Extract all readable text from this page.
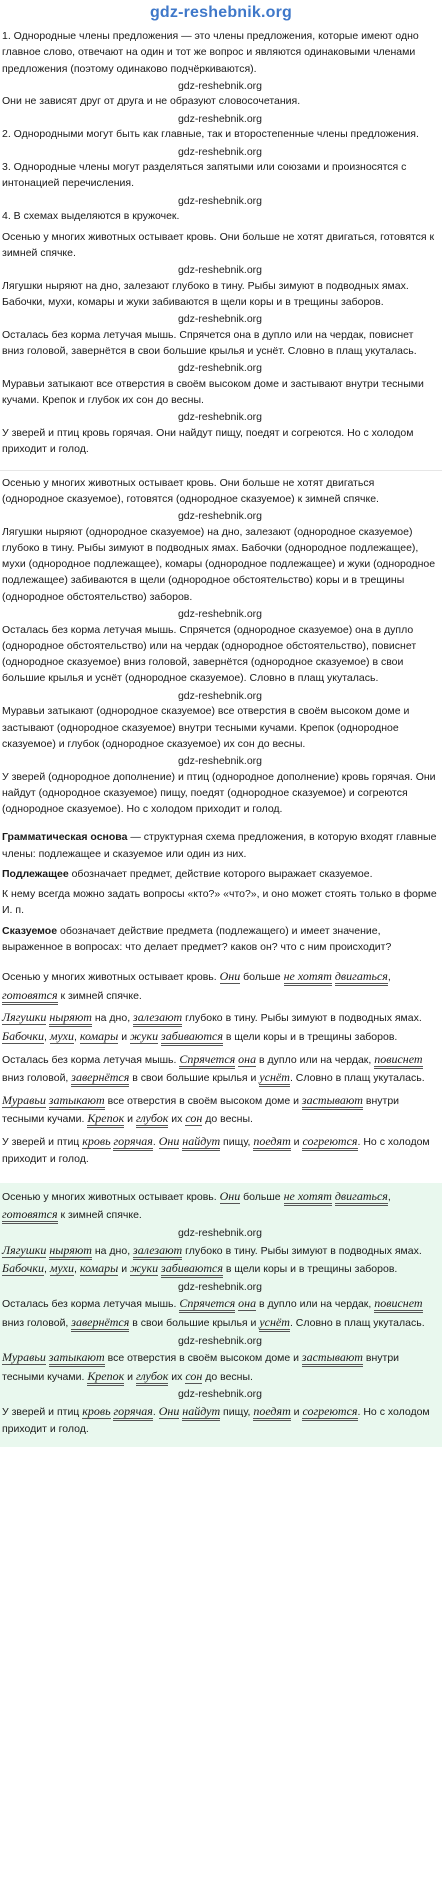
gdz-reshebnik.org

1. Однородные члены предложения — это члены предложения, которые имеют одно главное слово, отвечают на один и тот же вопрос и являются одинаковыми членами предложения (поэтому одинаково подчёркиваются).

gdz-reshebnik.org

Они не зависят друг от друга и не образуют словосочетания.

gdz-reshebnik.org

2. Однородными могут быть как главные, так и второстепенные члены предложения.

gdz-reshebnik.org

3. Однородные члены могут разделяться запятыми или союзами и произносятся с интонацией перечисления.

gdz-reshebnik.org

4. В схемах выделяются в кружочек.

Осенью у многих животных остывает кровь. Они больше не хотят двигаться, готовятся к зимней спячке.

gdz-reshebnik.org

Лягушки ныряют на дно, залезают глубоко в тину. Рыбы зимуют в подводных ямах. Бабочки, мухи, комары и жуки забиваются в щели коры и в трещины заборов.

gdz-reshebnik.org

Осталась без корма летучая мышь. Спрячется она в дупло или на чердак, повиснет вниз головой, завернётся в свои большие крылья и уснёт. Словно в плащ укуталась.

gdz-reshebnik.org

Муравьи затыкают все отверстия в своём высоком доме и застывают внутри тесными кучами. Крепок и глубок их сон до весны.

gdz-reshebnik.org

У зверей и птиц кровь горячая. Они найдут пищу, поедят и согреются. Но с холодом приходит и голод.

Осенью у многих животных остывает кровь. Они больше не хотят двигаться (однородное сказуемое), готовятся (однородное сказуемое) к зимней спячке.

gdz-reshebnik.org

Лягушки ныряют (однородное сказуемое) на дно, залезают (однородное сказуемое) глубоко в тину. Рыбы зимуют в подводных ямах. Бабочки (однородное подлежащее), мухи (однородное подлежащее), комары (однородное подлежащее) и жуки (однородное подлежащее) забиваются в щели (однородное обстоятельство) коры и в трещины (однородное обстоятельство) заборов.

gdz-reshebnik.org

Осталась без корма летучая мышь. Спрячется (однородное сказуемое) она в дупло (однородное обстоятельство) или на чердак (однородное обстоятельство), повиснет (однородное сказуемое) вниз головой, завернётся (однородное сказуемое) в свои большие крылья и уснёт (однородное сказуемое). Словно в плащ укуталась.

gdz-reshebnik.org

Муравьи затыкают (однородное сказуемое) все отверстия в своём высоком доме и застывают (однородное сказуемое) внутри тесными кучами. Крепок (однородное сказуемое) и глубок (однородное сказуемое) их сон до весны.

gdz-reshebnik.org

У зверей (однородное дополнение) и птиц (однородное дополнение) кровь горячая. Они найдут (однородное сказуемое) пищу, поедят (однородное сказуемое) и согреются (однородное сказуемое). Но с холодом приходит и голод.

Грамматическая основа — структурная схема предложения, в которую входят главные члены: подлежащее и сказуемое или один из них.

Подлежащее обозначает предмет, действие которого выражает сказуемое.

К нему всегда можно задать вопросы «кто?» «что?», и оно может стоять только в форме И. п.

Сказуемое обозначает действие предмета (подлежащего) и имеет значение, выраженное в вопросах: что делает предмет? каков он? что с ним происходит?

Осенью у многих животных остывает кровь. Они больше не хотят двигаться, готовятся к зимней спячке.

Лягушки ныряют на дно, залезают глубоко в тину. Рыбы зимуют в подводных ямах. Бабочки, мухи, комары и жуки забиваются в щели коры и в трещины заборов.

Осталась без корма летучая мышь. Спрячется она в дупло или на чердак, повиснет вниз головой, завернётся в свои большие крылья и уснёт. Словно в плащ укуталась.

Муравьи затыкают все отверстия в своём высоком доме и застывают внутри тесными кучами. Крепок и глубок их сон до весны.

У зверей и птиц кровь горячая. Они найдут пищу, поедят и согреются. Но с холодом приходит и голод.

Осенью у многих животных остывает кровь. Они больше не хотят двигаться, готовятся к зимней спячке.

gdz-reshebnik.org

Лягушки ныряют на дно, залезают глубоко в тину. Рыбы зимуют в подводных ямах. Бабочки, мухи, комары и жуки забиваются в щели коры и в трещины заборов.

gdz-reshebnik.org

Осталась без корма летучая мышь. Спрячется она в дупло или на чердак, повиснет вниз головой, завернётся в свои большие крылья и уснёт. Словно в плащ укуталась.

gdz-reshebnik.org

Муравьи затыкают все отверстия в своём высоком доме и застывают внутри тесными кучами. Крепок и глубок их сон до весны.

gdz-reshebnik.org

У зверей и птиц кровь горячая. Они найдут пищу, поедят и согреются. Но с холодом приходит и голод.
